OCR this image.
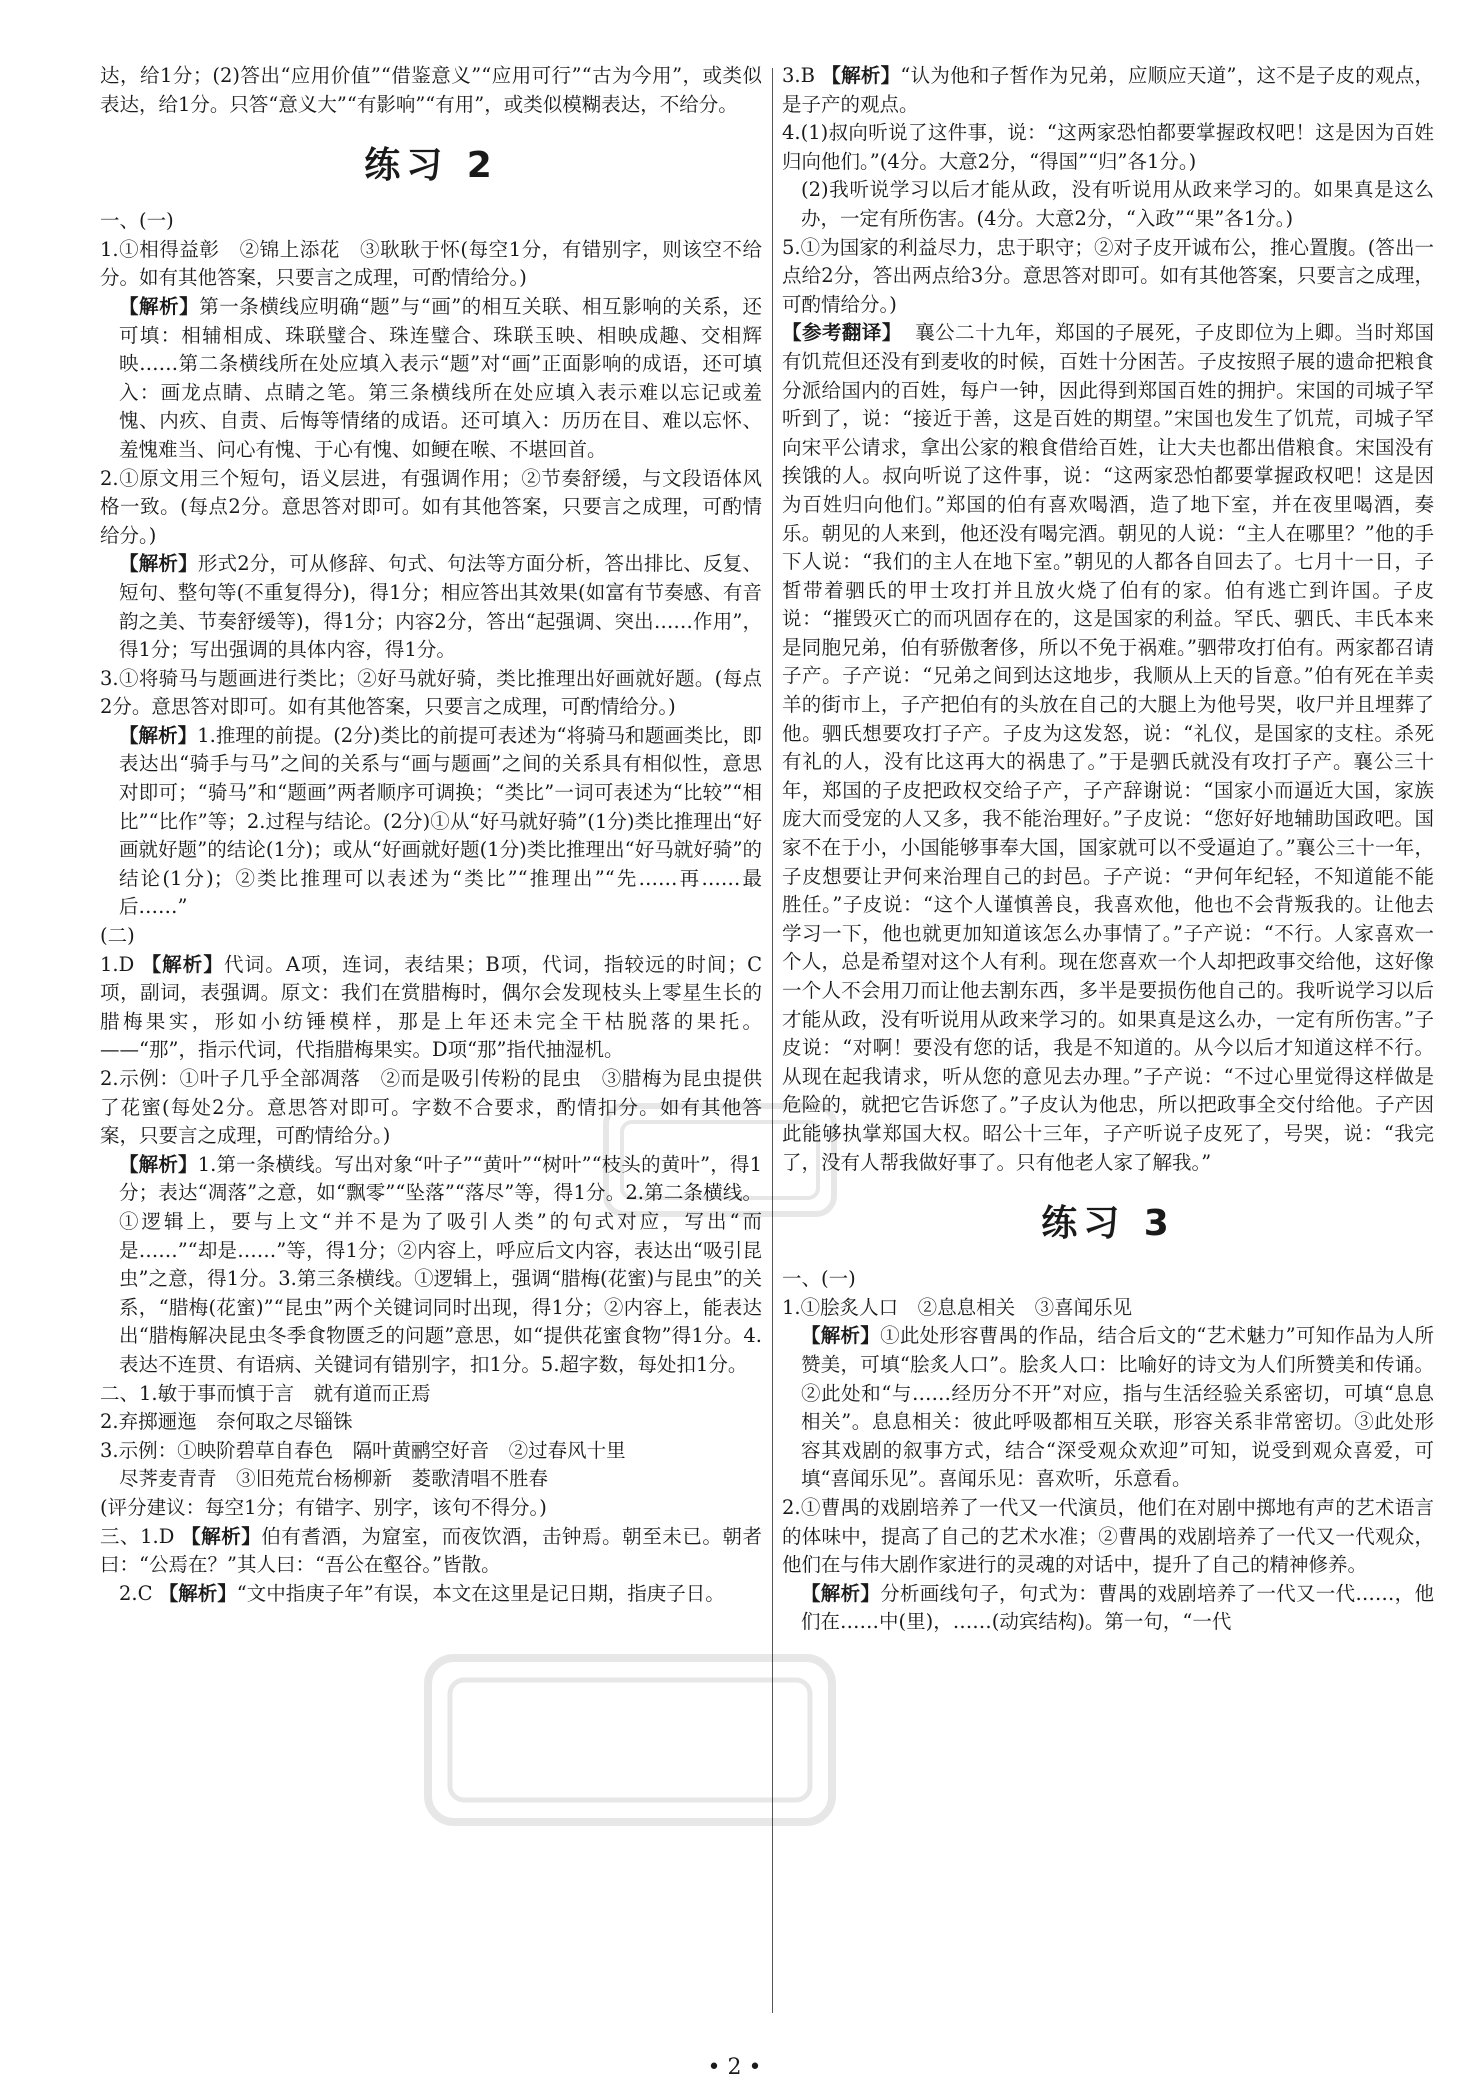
达，给1分；(2)答出“应用价值”“借鉴意义”“应用可行”“古为今用”，或类似表达，给1分。只答“意义大”“有影响”“有用”，或类似模糊表达，不给分。

练习 2

一、(一)

1.①相得益彰　②锦上添花　③耿耿于怀(每空1分，有错别字，则该空不给分。如有其他答案，只要言之成理，可酌情给分。)

【解析】第一条横线应明确“题”与“画”的相互关联、相互影响的关系，还可填：相辅相成、珠联璧合、珠连璧合、珠联玉映、相映成趣、交相辉映……第二条横线所在处应填入表示“题”对“画”正面影响的成语，还可填入：画龙点睛、点睛之笔。第三条横线所在处应填入表示难以忘记或羞愧、内疚、自责、后悔等情绪的成语。还可填入：历历在目、难以忘怀、羞愧难当、问心有愧、于心有愧、如鲠在喉、不堪回首。

2.①原文用三个短句，语义层进，有强调作用；②节奏舒缓，与文段语体风格一致。(每点2分。意思答对即可。如有其他答案，只要言之成理，可酌情给分。)

【解析】形式2分，可从修辞、句式、句法等方面分析，答出排比、反复、短句、整句等(不重复得分)，得1分；相应答出其效果(如富有节奏感、有音韵之美、节奏舒缓等)，得1分；内容2分，答出“起强调、突出……作用”，得1分；写出强调的具体内容，得1分。

3.①将骑马与题画进行类比；②好马就好骑，类比推理出好画就好题。(每点2分。意思答对即可。如有其他答案，只要言之成理，可酌情给分。)

【解析】1.推理的前提。(2分)类比的前提可表述为“将骑马和题画类比，即表达出“骑手与马”之间的关系与“画与题画”之间的关系具有相似性，意思对即可；“骑马”和“题画”两者顺序可调换；“类比”一词可表述为“比较”“相比”“比作”等；2.过程与结论。(2分)①从“好马就好骑”(1分)类比推理出“好画就好题”的结论(1分)；或从“好画就好题(1分)类比推理出“好马就好骑”的结论(1分)；②类比推理可以表述为“类比”“推理出”“先……再……最后……”

(二)

1.D 【解析】代词。A项，连词，表结果；B项，代词，指较远的时间；C项，副词，表强调。原文：我们在赏腊梅时，偶尔会发现枝头上零星生长的腊梅果实，形如小纺锤模样，那是上年还未完全干枯脱落的果托。——“那”，指示代词，代指腊梅果实。D项“那”指代抽湿机。

2.示例：①叶子几乎全部凋落　②而是吸引传粉的昆虫　③腊梅为昆虫提供了花蜜(每处2分。意思答对即可。字数不合要求，酌情扣分。如有其他答案，只要言之成理，可酌情给分。)

【解析】1.第一条横线。写出对象“叶子”“黄叶”“树叶”“枝头的黄叶”，得1分；表达“凋落”之意，如“飘零”“坠落”“落尽”等，得1分。2.第二条横线。①逻辑上，要与上文“并不是为了吸引人类”的句式对应，写出“而是……”“却是……”等，得1分；②内容上，呼应后文内容，表达出“吸引昆虫”之意，得1分。3.第三条横线。①逻辑上，强调“腊梅(花蜜)与昆虫”的关系，“腊梅(花蜜)”“昆虫”两个关键词同时出现，得1分；②内容上，能表达出“腊梅解决昆虫冬季食物匮乏的问题”意思，如“提供花蜜食物”得1分。4.表达不连贯、有语病、关键词有错别字，扣1分。5.超字数，每处扣1分。

二、1.敏于事而慎于言　就有道而正焉

2.弃掷逦迤　奈何取之尽锱铢

3.示例：①映阶碧草自春色　隔叶黄鹂空好音　②过春风十里

尽荠麦青青　③旧苑荒台杨柳新　菱歌清唱不胜春

(评分建议：每空1分；有错字、别字，该句不得分。)

三、1.D 【解析】伯有耆酒，为窟室，而夜饮酒，击钟焉。朝至未已。朝者曰：“公焉在？”其人曰：“吾公在壑谷。”皆散。

2.C 【解析】“文中指庚子年”有误，本文在这里是记日期，指庚子日。

3.B 【解析】“认为他和子皙作为兄弟，应顺应天道”，这不是子皮的观点，是子产的观点。

4.(1)叔向听说了这件事，说：“这两家恐怕都要掌握政权吧！这是因为百姓归向他们。”(4分。大意2分，“得国”“归”各1分。)

(2)我听说学习以后才能从政，没有听说用从政来学习的。如果真是这么办，一定有所伤害。(4分。大意2分，“入政”“果”各1分。)

5.①为国家的利益尽力，忠于职守；②对子皮开诚布公，推心置腹。(答出一点给2分，答出两点给3分。意思答对即可。如有其他答案，只要言之成理，可酌情给分。)

【参考翻译】 襄公二十九年，郑国的子展死，子皮即位为上卿。当时郑国有饥荒但还没有到麦收的时候，百姓十分困苦。子皮按照子展的遗命把粮食分派给国内的百姓，每户一钟，因此得到郑国百姓的拥护。宋国的司城子罕听到了，说：“接近于善，这是百姓的期望。”宋国也发生了饥荒，司城子罕向宋平公请求，拿出公家的粮食借给百姓，让大夫也都出借粮食。宋国没有挨饿的人。叔向听说了这件事，说：“这两家恐怕都要掌握政权吧！这是因为百姓归向他们。”郑国的伯有喜欢喝酒，造了地下室，并在夜里喝酒，奏乐。朝见的人来到，他还没有喝完酒。朝见的人说：“主人在哪里？”他的手下人说：“我们的主人在地下室。”朝见的人都各自回去了。七月十一日，子皙带着驷氏的甲士攻打并且放火烧了伯有的家。伯有逃亡到许国。子皮说：“摧毁灭亡的而巩固存在的，这是国家的利益。罕氏、驷氏、丰氏本来是同胞兄弟，伯有骄傲奢侈，所以不免于祸难。”驷带攻打伯有。两家都召请子产。子产说：“兄弟之间到达这地步，我顺从上天的旨意。”伯有死在羊卖羊的街市上，子产把伯有的头放在自己的大腿上为他号哭，收尸并且埋葬了他。驷氏想要攻打子产。子皮为这发怒，说：“礼仪，是国家的支柱。杀死有礼的人，没有比这再大的祸患了。”于是驷氏就没有攻打子产。襄公三十年，郑国的子皮把政权交给子产，子产辞谢说：“国家小而逼近大国，家族庞大而受宠的人又多，我不能治理好。”子皮说：“您好好地辅助国政吧。国家不在于小，小国能够事奉大国，国家就可以不受逼迫了。”襄公三十一年，子皮想要让尹何来治理自己的封邑。子产说：“尹何年纪轻，不知道能不能胜任。”子皮说：“这个人谨慎善良，我喜欢他，他也不会背叛我的。让他去学习一下，他也就更加知道该怎么办事情了。”子产说：“不行。人家喜欢一个人，总是希望对这个人有利。现在您喜欢一个人却把政事交给他，这好像一个人不会用刀而让他去割东西，多半是要损伤他自己的。我听说学习以后才能从政，没有听说用从政来学习的。如果真是这么办，一定有所伤害。”子皮说：“对啊！要没有您的话，我是不知道的。从今以后才知道这样不行。从现在起我请求，听从您的意见去办理。”子产说：“不过心里觉得这样做是危险的，就把它告诉您了。”子皮认为他忠，所以把政事全交付给他。子产因此能够执掌郑国大权。昭公十三年，子产听说子皮死了，号哭，说：“我完了，没有人帮我做好事了。只有他老人家了解我。”

练习 3

一、(一)

1.①脍炙人口　②息息相关　③喜闻乐见

【解析】①此处形容曹禺的作品，结合后文的“艺术魅力”可知作品为人所赞美，可填“脍炙人口”。脍炙人口：比喻好的诗文为人们所赞美和传诵。②此处和“与……经历分不开”对应，指与生活经验关系密切，可填“息息相关”。息息相关：彼此呼吸都相互关联，形容关系非常密切。③此处形容其戏剧的叙事方式，结合“深受观众欢迎”可知，说受到观众喜爱，可填“喜闻乐见”。喜闻乐见：喜欢听，乐意看。

2.①曹禺的戏剧培养了一代又一代演员，他们在对剧中掷地有声的艺术语言的体味中，提高了自己的艺术水准；②曹禺的戏剧培养了一代又一代观众，他们在与伟大剧作家进行的灵魂的对话中，提升了自己的精神修养。

【解析】分析画线句子，句式为：曹禺的戏剧培养了一代又一代……，他们在……中(里)，……(动宾结构)。第一句，“一代

• 2 •
